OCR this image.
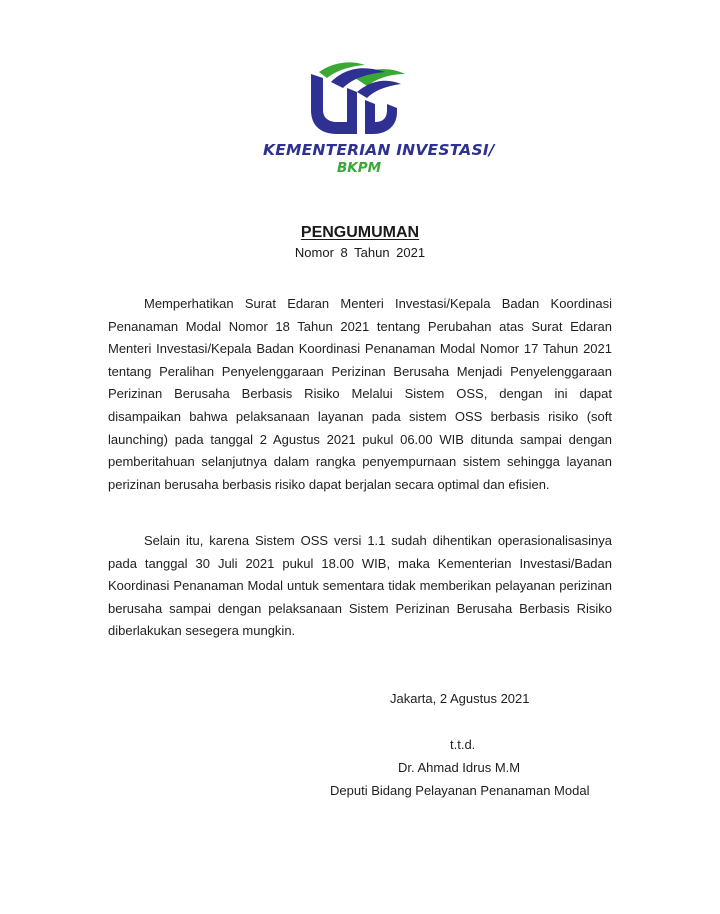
KEMENTERIAN INVESTASI/
BKPM
PENGUMUMAN
Nomor 8 Tahun 2021

Memperhatikan Surat Edaran Menteri Investasi/Kepala Badan Koordinasi Penanaman Modal Nomor 18 Tahun 2021 tentang Perubahan atas Surat Edaran Menteri Investasi/Kepala Badan Koordinasi Penanaman Modal Nomor 17 Tahun 2021 tentang Peralihan Penyelenggaraan Perizinan Berusaha Menjadi Penyelenggaraan Perizinan Berusaha Berbasis Risiko Melalui Sistem OSS, dengan ini dapat disampaikan bahwa pelaksanaan layanan pada sistem OSS berbasis risiko (soft launching) pada tanggal 2 Agustus 2021 pukul 06.00 WIB ditunda sampai dengan pemberitahuan selanjutnya dalam rangka penyempurnaan sistem sehingga layanan perizinan berusaha berbasis risiko dapat berjalan secara optimal dan efisien.

Selain itu, karena Sistem OSS versi 1.1 sudah dihentikan operasionalisasinya pada tanggal 30 Juli 2021 pukul 18.00 WIB, maka Kementerian Investasi/Badan Koordinasi Penanaman Modal untuk sementara tidak memberikan pelayanan perizinan berusaha sampai dengan pelaksanaan Sistem Perizinan Berusaha Berbasis Risiko diberlakukan sesegera mungkin.

Jakarta, 2 Agustus 2021
t.t.d.
Dr. Ahmad Idrus M.M
Deputi Bidang Pelayanan Penanaman Modal
